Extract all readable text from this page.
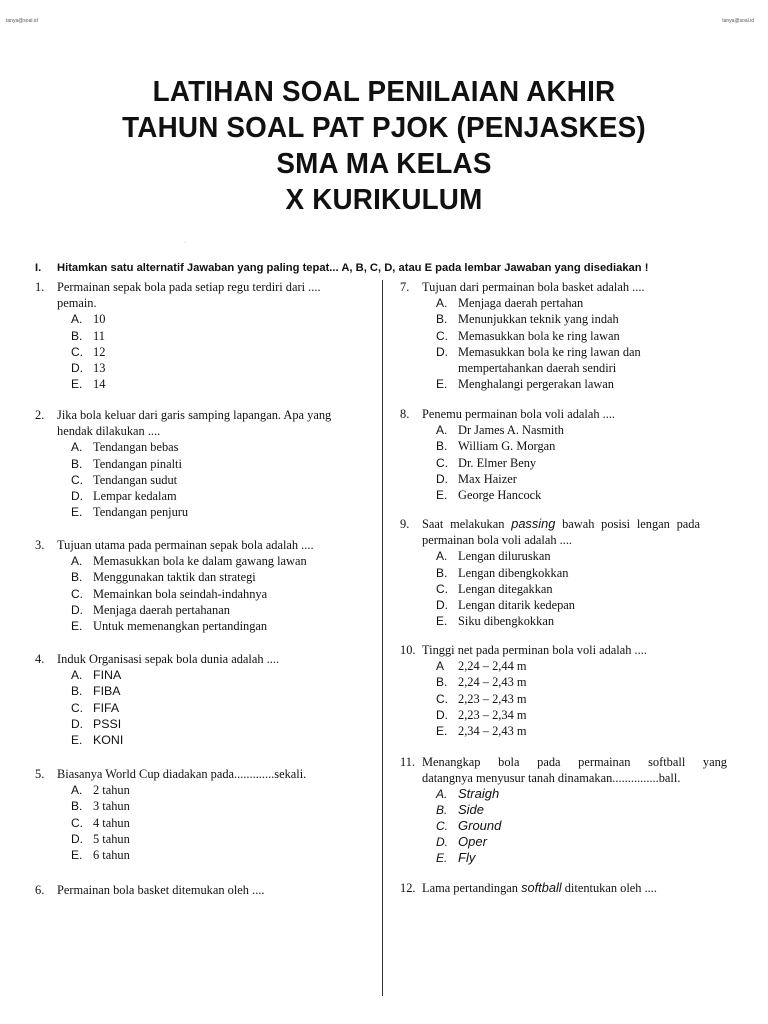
tanya@soal.id	tanya@soal.id
LATIHAN SOAL PENILAIAN AKHIR
TAHUN SOAL PAT PJOK (PENJASKES)
SMA MA KELAS
X KURIKULUM
·
I. Hitamkan satu alternatif Jawaban yang paling tepat... A, B, C, D, atau E pada lembar Jawaban yang disediakan !
1. Permainan sepak bola pada setiap regu terdiri dari .... pemain.
A. 10
B. 11
C. 12
D. 13
E. 14
2. Jika bola keluar dari garis samping lapangan. Apa yang hendak dilakukan ....
A. Tendangan bebas
B. Tendangan pinalti
C. Tendangan sudut
D. Lempar kedalam
E. Tendangan penjuru
3. Tujuan utama pada permainan sepak bola adalah ....
A. Memasukkan bola ke dalam gawang lawan
B. Menggunakan taktik dan strategi
C. Memainkan bola seindah-indahnya
D. Menjaga daerah pertahanan
E. Untuk memenangkan pertandingan
4. Induk Organisasi sepak bola dunia adalah ....
A. FINA
B. FIBA
C. FIFA
D. PSSI
E. KONI
5. Biasanya World Cup diadakan pada.............sekali.
A. 2 tahun
B. 3 tahun
C. 4 tahun
D. 5 tahun
E. 6 tahun
6. Permainan bola basket ditemukan oleh ....
7. Tujuan dari permainan bola basket adalah ....
A. Menjaga daerah pertahan
B. Menunjukkan teknik yang indah
C. Memasukkan bola ke ring lawan
D. Memasukkan bola ke ring lawan dan mempertahankan daerah sendiri
E. Menghalangi pergerakan lawan
8. Penemu permainan bola voli adalah ....
A. Dr James A. Nasmith
B. William G. Morgan
C. Dr. Elmer Beny
D. Max Haizer
E. George Hancock
9. Saat melakukan passing bawah posisi lengan pada permainan bola voli adalah ....
A. Lengan diluruskan
B. Lengan dibengkokkan
C. Lengan ditegakkan
D. Lengan ditarik kedepan
E. Siku dibengkokkan
10. Tinggi net pada perminan bola voli adalah ....
A	2,24 – 2,44 m
B. 2,24 – 2,43 m
C. 2,23 – 2,43 m
D. 2,23 – 2,34 m
E. 2,34 – 2,43 m
11. Menangkap bola pada permainan softball yang
datangnya menyusur tanah dinamakan...............ball.
A. Straigh
B. Side
C. Ground
D. Oper
E. Fly
12. Lama pertandingan softball ditentukan oleh ....
